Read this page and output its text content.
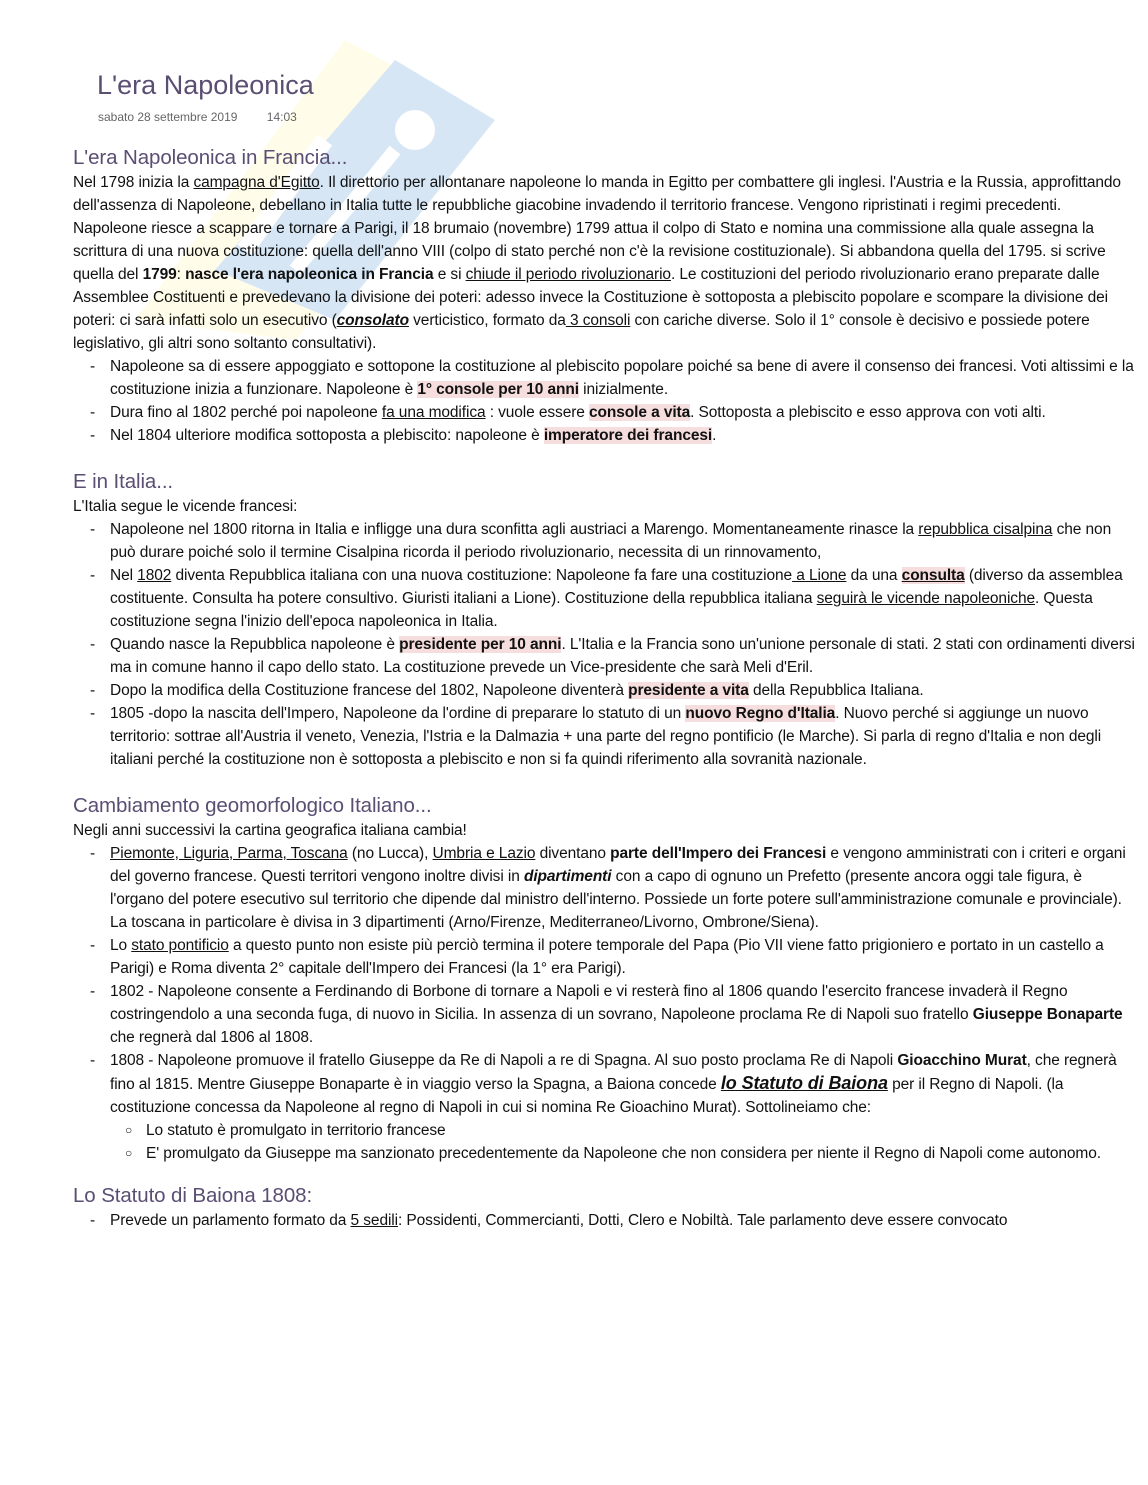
L'era Napoleonica
sabato 28 settembre 2019 14:03
L'era Napoleonica in Francia...

Nel 1798 inizia la campagna d'Egitto. Il direttorio per allontanare napoleone lo manda in Egitto per combattere gli inglesi. l'Austria e la Russia, approfittando dell'assenza di Napoleone, debellano in Italia tutte le repubbliche giacobine invadendo il territorio francese. Vengono ripristinati i regimi precedenti. Napoleone riesce a scappare e tornare a Parigi, il 18 brumaio (novembre) 1799 attua il colpo di Stato e nomina una commissione alla quale assegna la scrittura di una nuova costituzione: quella dell'anno VIII (colpo di stato perché non c'è la revisione costituzionale). Si abbandona quella del 1795. si scrive quella del 1799: nasce l'era napoleonica in Francia e si chiude il periodo rivoluzionario. Le costituzioni del periodo rivoluzionario erano preparate dalle Assemblee Costituenti e prevedevano la divisione dei poteri: adesso invece la Costituzione è sottoposta a plebiscito popolare e scompare la divisione dei poteri: ci sarà infatti solo un esecutivo (consolato verticistico, formato da 3 consoli con cariche diverse. Solo il 1° console è decisivo e possiede potere legislativo, gli altri sono soltanto consultativi).

- Napoleone sa di essere appoggiato e sottopone la costituzione al plebiscito popolare poiché sa bene di avere il consenso dei francesi. Voti altissimi e la costituzione inizia a funzionare. Napoleone è 1° console per 10 anni inizialmente.
- Dura fino al 1802 perché poi napoleone fa una modifica : vuole essere console a vita. Sottoposta a plebiscito e esso approva con voti alti.
- Nel 1804 ulteriore modifica sottoposta a plebiscito: napoleone è imperatore dei francesi.
E in Italia...

L'Italia segue le vicende francesi:

- Napoleone nel 1800 ritorna in Italia e infligge una dura sconfitta agli austriaci a Marengo. Momentaneamente rinasce la repubblica cisalpina che non può durare poiché solo il termine Cisalpina ricorda il periodo rivoluzionario, necessita di un rinnovamento,
- Nel 1802 diventa Repubblica italiana con una nuova costituzione: Napoleone fa fare una costituzione a Lione da una consulta (diverso da assemblea costituente. Consulta ha potere consultivo. Giuristi italiani a Lione). Costituzione della repubblica italiana seguirà le vicende napoleoniche. Questa costituzione segna l'inizio dell'epoca napoleonica in Italia.
- Quando nasce la Repubblica napoleone è presidente per 10 anni. L'Italia e la Francia sono un'unione personale di stati. 2 stati con ordinamenti diversi ma in comune hanno il capo dello stato. La costituzione prevede un Vice-presidente che sarà Meli d'Eril.
- Dopo la modifica della Costituzione francese del 1802, Napoleone diventerà presidente a vita della Repubblica Italiana.
- 1805 -dopo la nascita dell'Impero, Napoleone da l'ordine di preparare lo statuto di un nuovo Regno d'Italia. Nuovo perché si aggiunge un nuovo territorio: sottrae all'Austria il veneto, Venezia, l'Istria e la Dalmazia + una parte del regno pontificio (le Marche). Si parla di regno d'Italia e non degli italiani perché la costituzione non è sottoposta a plebiscito e non si fa quindi riferimento alla sovranità nazionale.
Cambiamento geomorfologico Italiano...

Negli anni successivi la cartina geografica italiana cambia!

- Piemonte, Liguria, Parma, Toscana (no Lucca), Umbria e Lazio diventano parte dell'Impero dei Francesi e vengono amministrati con i criteri e organi del governo francese. Questi territori vengono inoltre divisi in dipartimenti con a capo di ognuno un Prefetto (presente ancora oggi tale figura, è l'organo del potere esecutivo sul territorio che dipende dal ministro dell'interno. Possiede un forte potere sull'amministrazione comunale e provinciale). La toscana in particolare è divisa in 3 dipartimenti (Arno/Firenze, Mediterraneo/Livorno, Ombrone/Siena).
- Lo stato pontificio a questo punto non esiste più perciò termina il potere temporale del Papa (Pio VII viene fatto prigioniero e portato in un castello a Parigi) e Roma diventa 2° capitale dell'Impero dei Francesi (la 1° era Parigi).
- 1802 - Napoleone consente a Ferdinando di Borbone di tornare a Napoli e vi resterà fino al 1806 quando l'esercito francese invaderà il Regno costringendolo a una seconda fuga, di nuovo in Sicilia. In assenza di un sovrano, Napoleone proclama Re di Napoli suo fratello Giuseppe Bonaparte che regnerà dal 1806 al 1808.
- 1808 - Napoleone promuove il fratello Giuseppe da Re di Napoli a re di Spagna. Al suo posto proclama Re di Napoli Gioacchino Murat, che regnerà fino al 1815. Mentre Giuseppe Bonaparte è in viaggio verso la Spagna, a Baiona concede lo Statuto di Baiona per il Regno di Napoli. (la costituzione concessa da Napoleone al regno di Napoli in cui si nomina Re Gioachino Murat). Sottolineiamo che:
○ Lo statuto è promulgato in territorio francese
○ E' promulgato da Giuseppe ma sanzionato precedentemente da Napoleone che non considera per niente il Regno di Napoli come autonomo.
Lo Statuto di Baiona 1808:
- Prevede un parlamento formato da 5 sedili: Possidenti, Commercianti, Dotti, Clero e Nobiltà. Tale parlamento deve essere convocato
